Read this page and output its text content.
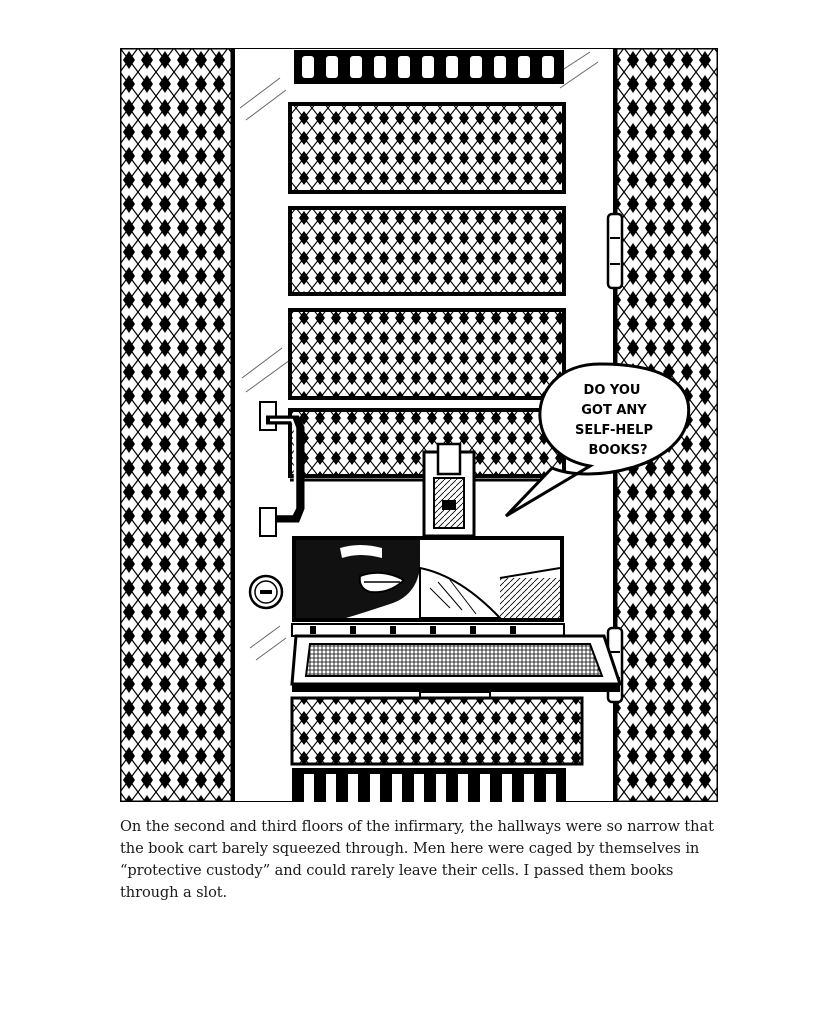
DO YOU
GOT ANY
SELF-HELP
BOOKS?

On the second and third floors of the infirmary, the hallways were so narrow that the book cart barely squeezed through. Men here were caged by themselves in “protective custody” and could rarely leave their cells. I passed them books through a slot.
